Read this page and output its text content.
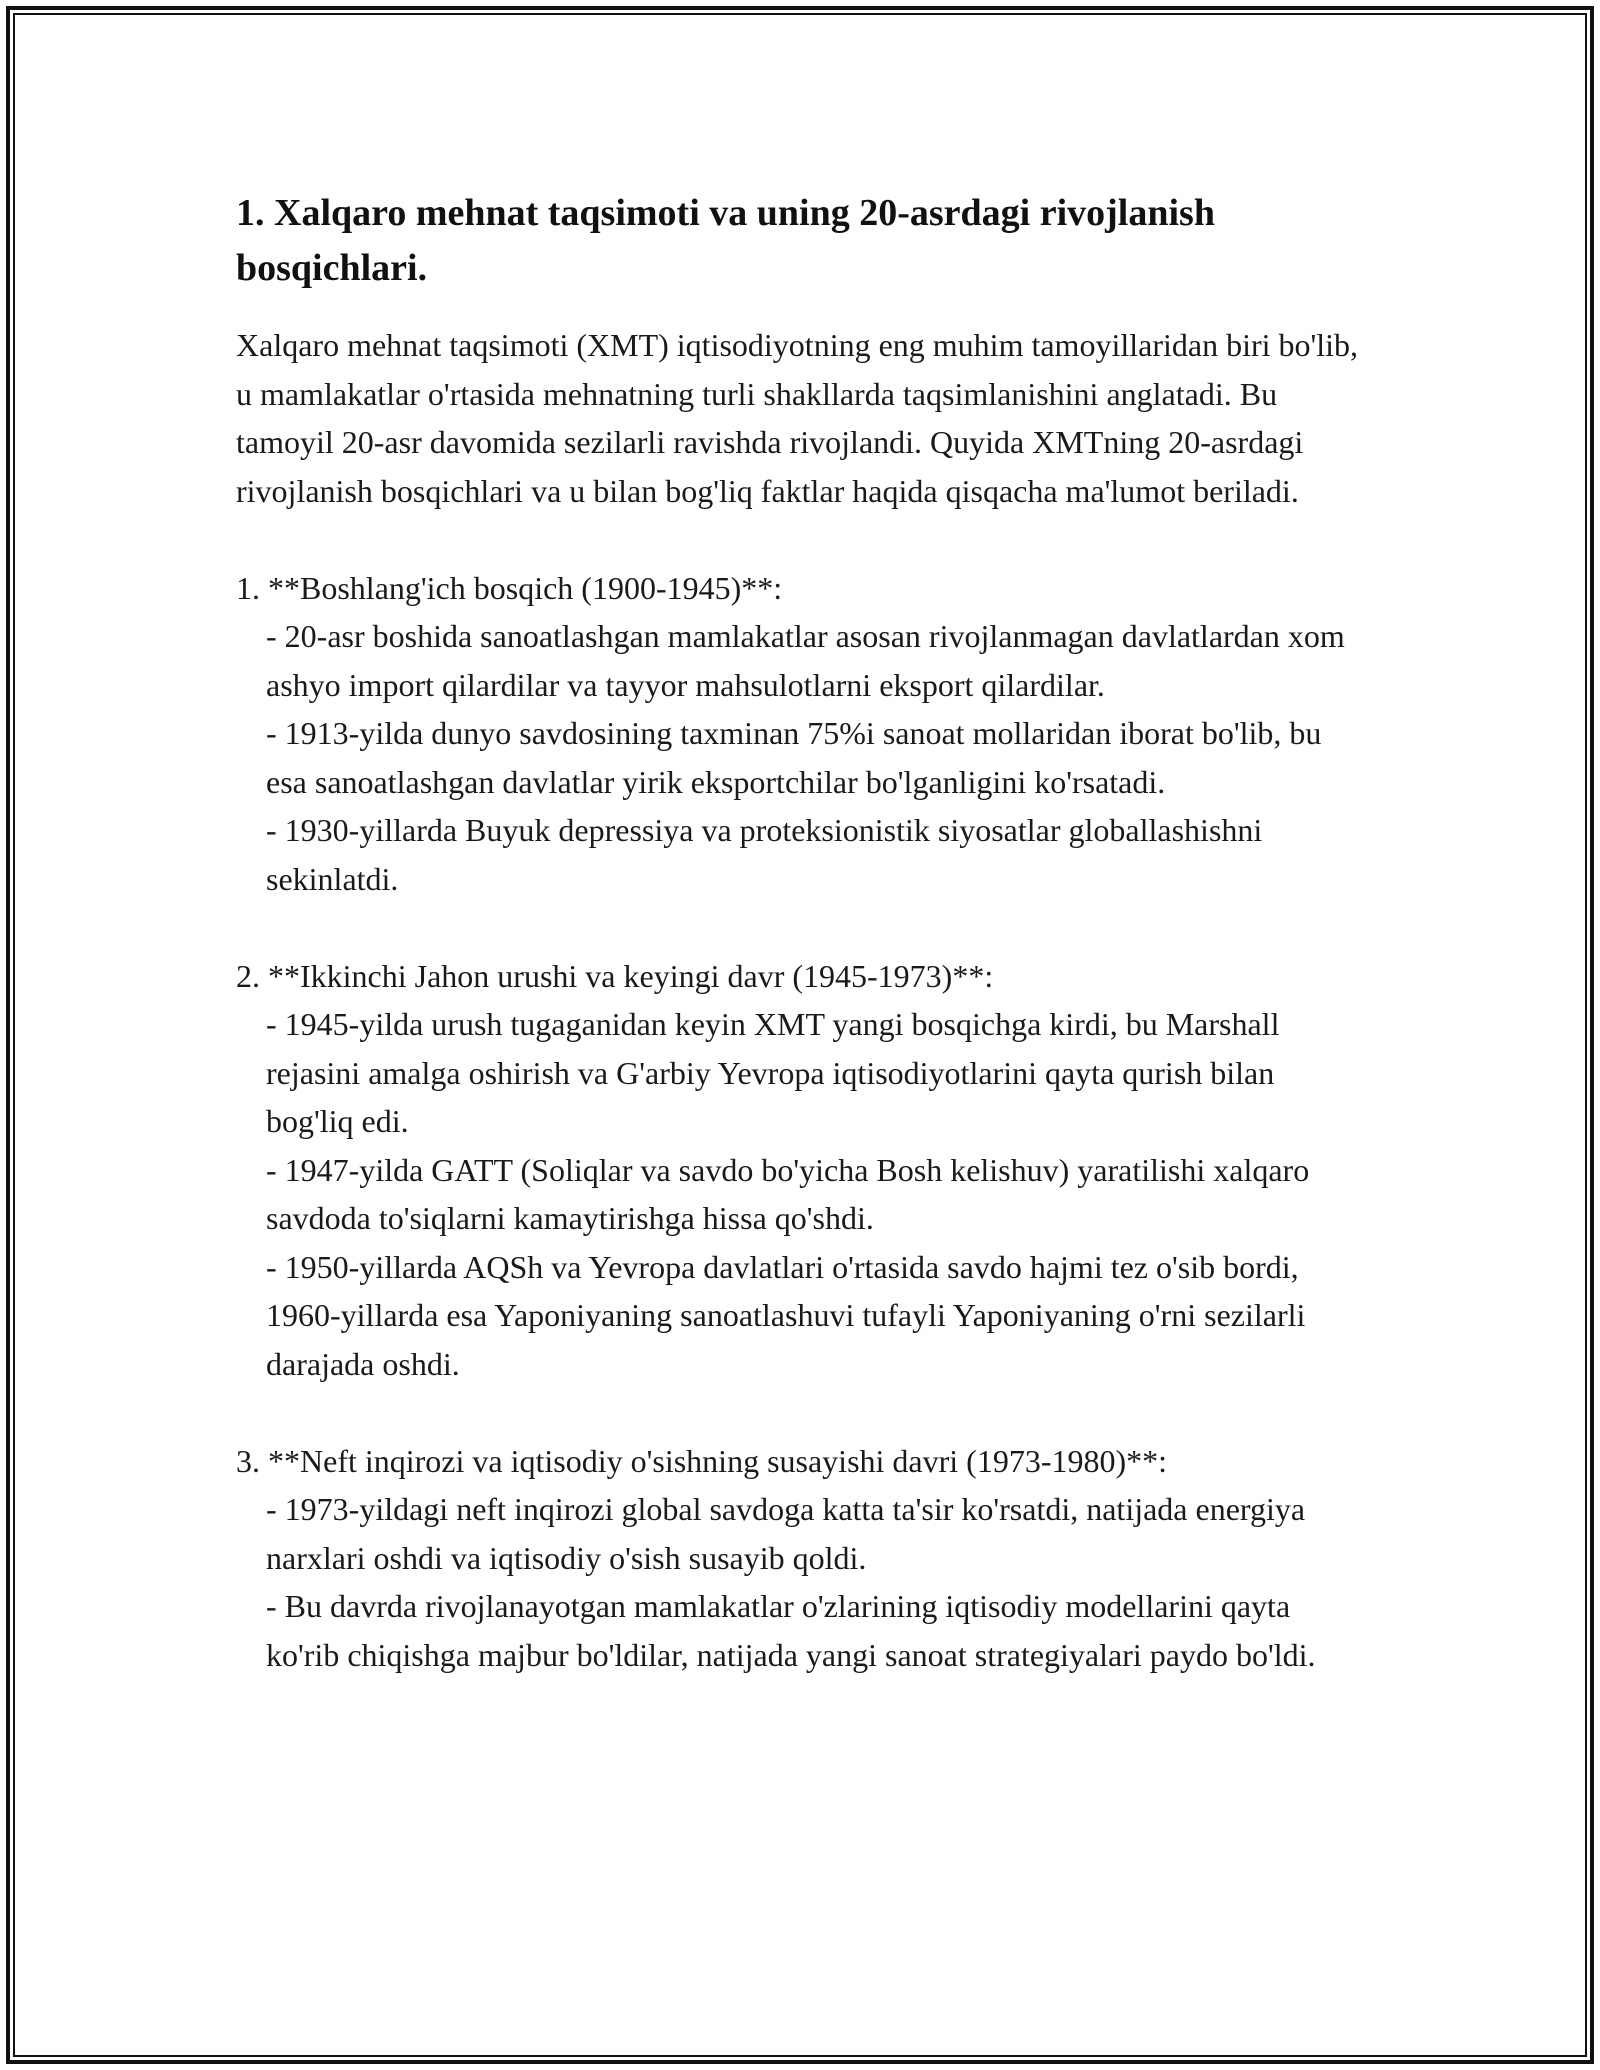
1. Xalqaro mehnat taqsimoti va uning 20-asrdagi rivojlanish bosqichlari.

Xalqaro mehnat taqsimoti (XMT) iqtisodiyotning eng muhim tamoyillaridan biri bo'lib, u mamlakatlar o'rtasida mehnatning turli shakllarda taqsimlanishini anglatadi. Bu tamoyil 20-asr davomida sezilarli ravishda rivojlandi. Quyida XMTning 20-asrdagi rivojlanish bosqichlari va u bilan bog'liq faktlar haqida qisqacha ma'lumot beriladi.

1. **Boshlang'ich bosqich (1900-1945)**:

- 20-asr boshida sanoatlashgan mamlakatlar asosan rivojlanmagan davlatlardan xom ashyo import qilardilar va tayyor mahsulotlarni eksport qilardilar.

- 1913-yilda dunyo savdosining taxminan 75%i sanoat mollaridan iborat bo'lib, bu esa sanoatlashgan davlatlar yirik eksportchilar bo'lganligini ko'rsatadi.

- 1930-yillarda Buyuk depressiya va proteksionistik siyosatlar globallashishni sekinlatdi.

2. **Ikkinchi Jahon urushi va keyingi davr (1945-1973)**:

- 1945-yilda urush tugaganidan keyin XMT yangi bosqichga kirdi, bu Marshall rejasini amalga oshirish va G'arbiy Yevropa iqtisodiyotlarini qayta qurish bilan bog'liq edi.

- 1947-yilda GATT (Soliqlar va savdo bo'yicha Bosh kelishuv) yaratilishi xalqaro savdoda to'siqlarni kamaytirishga hissa qo'shdi.

- 1950-yillarda AQSh va Yevropa davlatlari o'rtasida savdo hajmi tez o'sib bordi, 1960-yillarda esa Yaponiyaning sanoatlashuvi tufayli Yaponiyaning o'rni sezilarli darajada oshdi.

3. **Neft inqirozi va iqtisodiy o'sishning susayishi davri (1973-1980)**:

- 1973-yildagi neft inqirozi global savdoga katta ta'sir ko'rsatdi, natijada energiya narxlari oshdi va iqtisodiy o'sish susayib qoldi.

- Bu davrda rivojlanayotgan mamlakatlar o'zlarining iqtisodiy modellarini qayta ko'rib chiqishga majbur bo'ldilar, natijada yangi sanoat strategiyalari paydo bo'ldi.
